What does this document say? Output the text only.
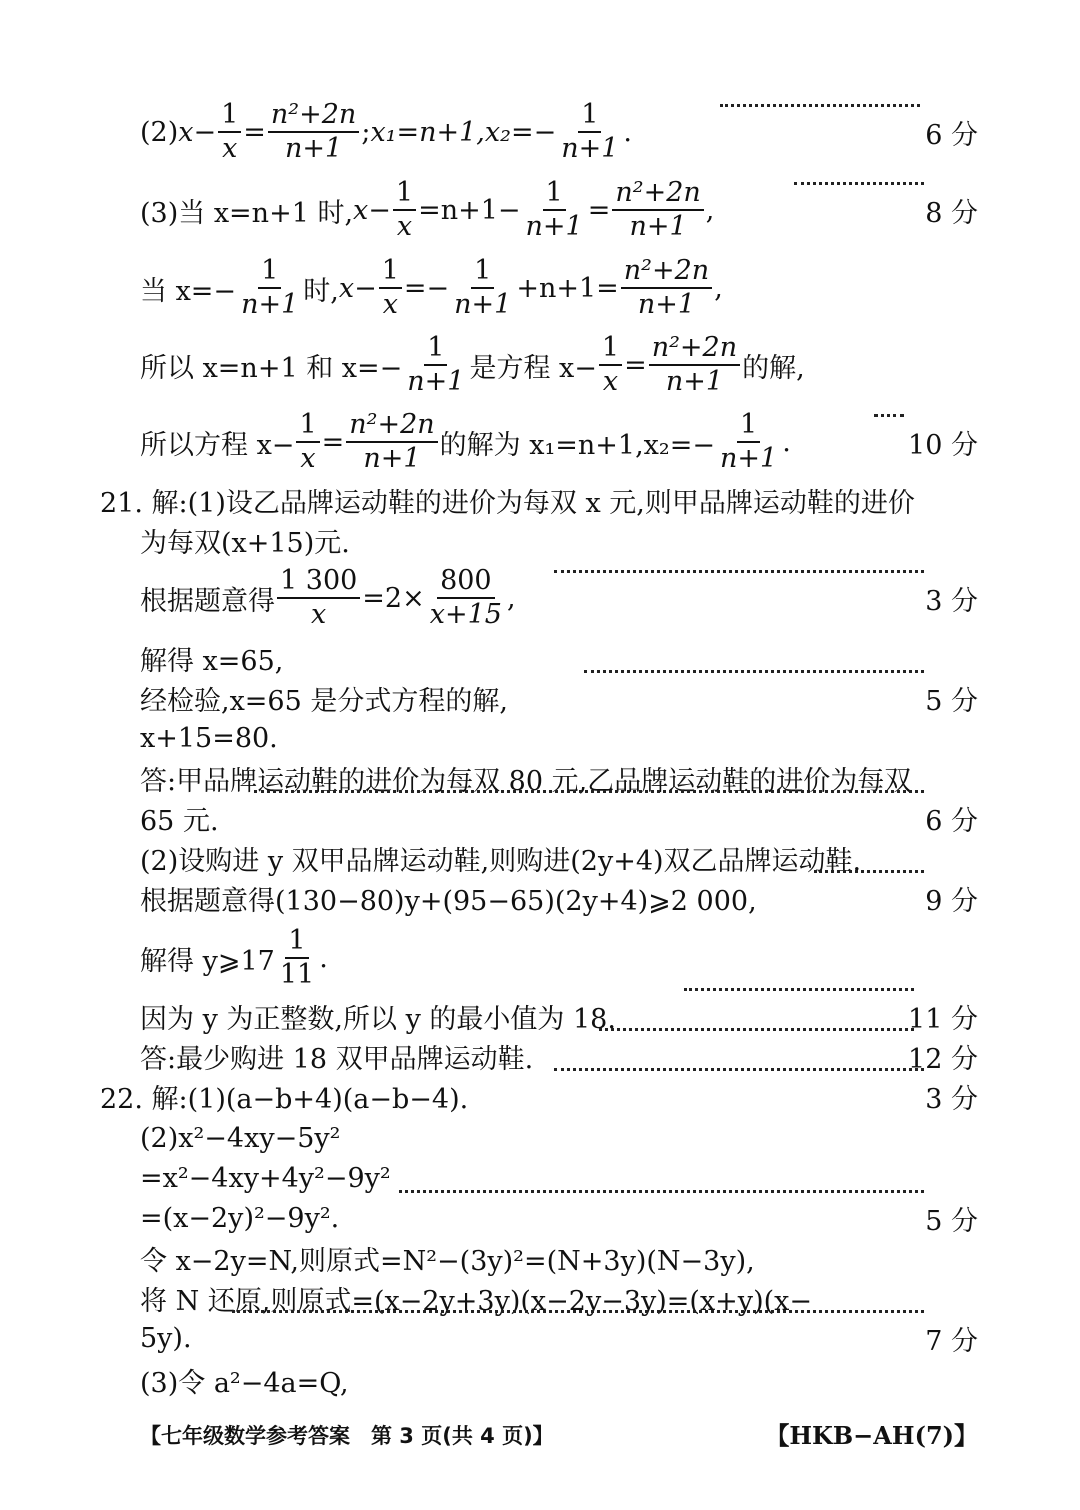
(2) $x - \frac{1}{x} = \frac{\text{n²+2n}}{n+1}$ ; x₁=n+1, $x_2=- \frac{1}{n+1}$ .	6 分
(3)当 x=n+1 时, $x - \frac{1}{x} =n+1- \frac{1}{n+1} = \frac{\text{n²+2n}}{n+1}$ ,	8 分
当 $x=- \frac{1}{n+1}$ 时, $x - \frac{1}{x} =- \frac{1}{n+1} +n+1= \frac{\text{n²+2n}}{n+1}$ ,
所以 x=n+1 和 $x=- \frac{1}{n+1}$ 是方程 $x- \frac{1}{x} = \frac{\text{n²+2n}}{n+1}$ 的解,
所以方程 $x- \frac{1}{x} = \frac{\text{n²+2n}}{n+1}$ 的解为 $x_1=n+1,x_2=- \frac{1}{n+1}$ .	10 分
21. 解:(1)设乙品牌运动鞋的进价为每双 x 元,则甲品牌运动鞋的进价
为每双(x+15)元.
根据题意得 $\frac{1 300}{x} =2\times \frac{800}{x+15}$ ,	3 分
解得 x=65,
经检验,x=65 是分式方程的解,	5 分
x+15=80.
答:甲品牌运动鞋的进价为每双 80 元,乙品牌运动鞋的进价为每双
65 元.	6 分
(2)设购进 y 双甲品牌运动鞋,则购进(2y+4)双乙品牌运动鞋.
根据题意得(130−80)y+(95−65)(2y+4)⩾2 000,	9 分
解得 y⩾17 $\frac{1}{11}$ .
因为 y 为正整数,所以 y 的最小值为 18.	11 分
答:最少购进 18 双甲品牌运动鞋.	12 分
22. 解:(1)(a−b+4)(a−b−4).	3 分
(2)x²−4xy−5y²
=x²−4xy+4y²−9y²
=(x−2y)²−9y².	5 分
令 x−2y=N,则原式=N²−(3y)²=(N+3y)(N−3y),
将 N 还原,则原式=(x−2y+3y)(x−2y−3y)=(x+y)(x−
5y).	7 分
(3)令 a²−4a=Q,
【七年级数学参考答案　第 3 页(共 4 页)】	【HKB−AH(7)】
